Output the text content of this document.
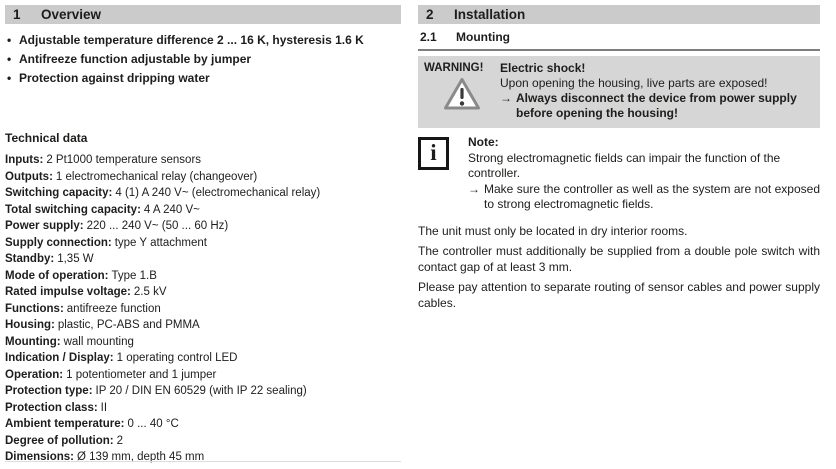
1	Overview
• Adjustable temperature difference 2 ... 16 K, hysteresis 1.6 K
• Antifreeze function adjustable by jumper
• Protection against dripping water
Technical data
Inputs: 2 Pt1000 temperature sensors
Outputs: 1 electromechanical relay (changeover)
Switching capacity: 4 (1) A 240 V~ (electromechanical relay)
Total switching capacity: 4 A 240 V~
Power supply: 220 ... 240 V~ (50 ... 60 Hz)
Supply connection: type Y attachment
Standby: 1,35 W
Mode of operation: Type 1.B
Rated impulse voltage: 2.5 kV
Functions: antifreeze function
Housing: plastic, PC-ABS and PMMA
Mounting: wall mounting
Indication / Display: 1 operating control LED
Operation: 1 potentiometer and 1 jumper
Protection type: IP 20 / DIN EN 60529 (with IP 22 sealing)
Protection class: II
Ambient temperature: 0 ... 40 °C
Degree of pollution: 2
Dimensions: Ø 139 mm, depth 45 mm
2	Installation
2.1	Mounting
WARNING!	Electric shock!
Upon opening the housing, live parts are exposed!
→ Always disconnect the device from power supply before opening the housing!

i	Note:
Strong electromagnetic fields can impair the function of the controller.
→ Make sure the controller as well as the system are not exposed to strong electromagnetic fields.

The unit must only be located in dry interior rooms.

The controller must additionally be supplied from a double pole switch with contact gap of at least 3 mm.

Please pay attention to separate routing of sensor cables and power supply cables.
